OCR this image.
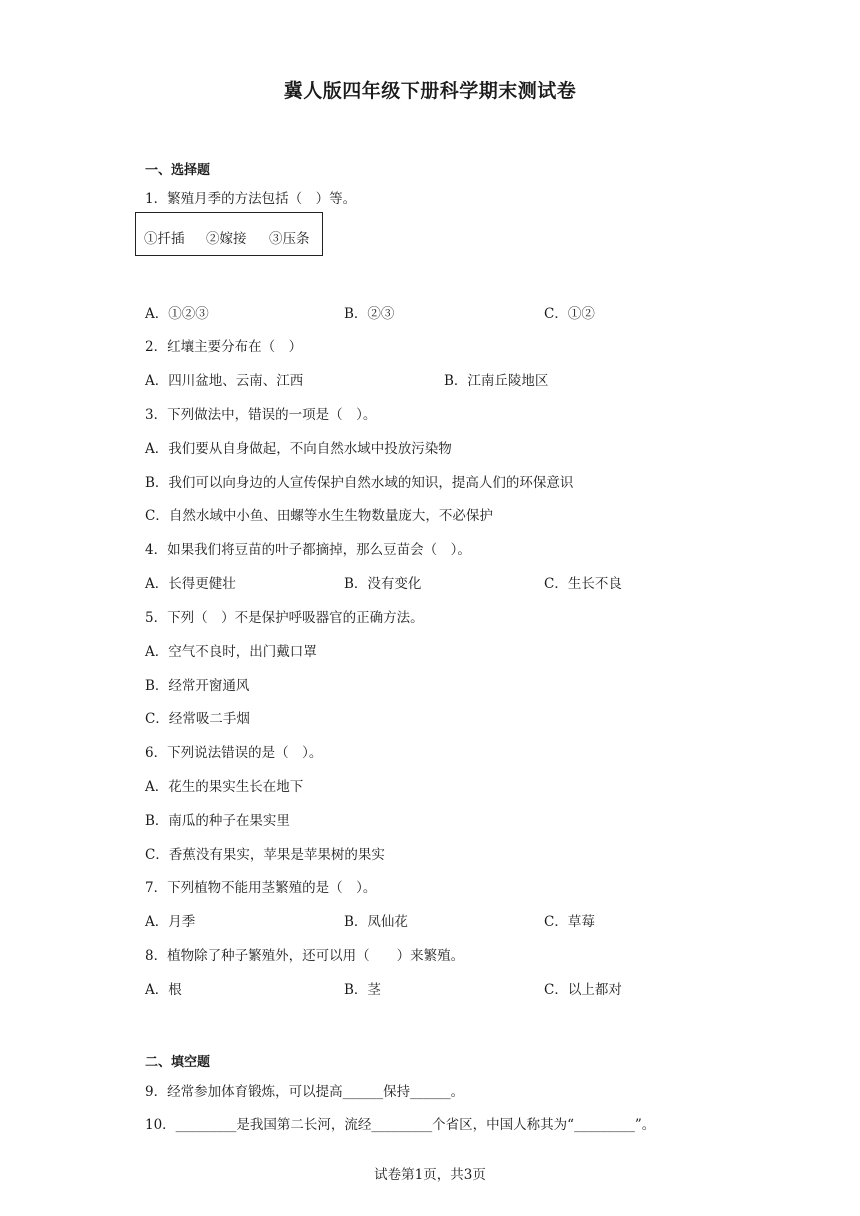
冀人版四年级下册科学期末测试卷
一、选择题
1．繁殖月季的方法包括（　）等。
①扦插 ②嫁接 ③压条
A．①②③	B．②③	C．①②
2．红壤主要分布在（　）
A．四川盆地、云南、江西	B．江南丘陵地区
3．下列做法中，错误的一项是（　）。
A．我们要从自身做起，不向自然水域中投放污染物
B．我们可以向身边的人宣传保护自然水域的知识，提高人们的环保意识
C．自然水域中小鱼、田螺等水生生物数量庞大，不必保护
4．如果我们将豆苗的叶子都摘掉，那么豆苗会（　）。
A．长得更健壮	B．没有变化	C．生长不良
5．下列（　）不是保护呼吸器官的正确方法。
A．空气不良时，出门戴口罩
B．经常开窗通风
C．经常吸二手烟
6．下列说法错误的是（　）。
A．花生的果实生长在地下
B．南瓜的种子在果实里
C．香蕉没有果实，苹果是苹果树的果实
7．下列植物不能用茎繁殖的是（　）。
A．月季	B．凤仙花	C．草莓
8．植物除了种子繁殖外，还可以用（　　）来繁殖。
A．根	B．茎	C．以上都对
二、填空题
9．经常参加体育锻炼，可以提高______保持______。
10．_________是我国第二长河，流经_________个省区，中国人称其为“_________”。
试卷第1页，共3页
